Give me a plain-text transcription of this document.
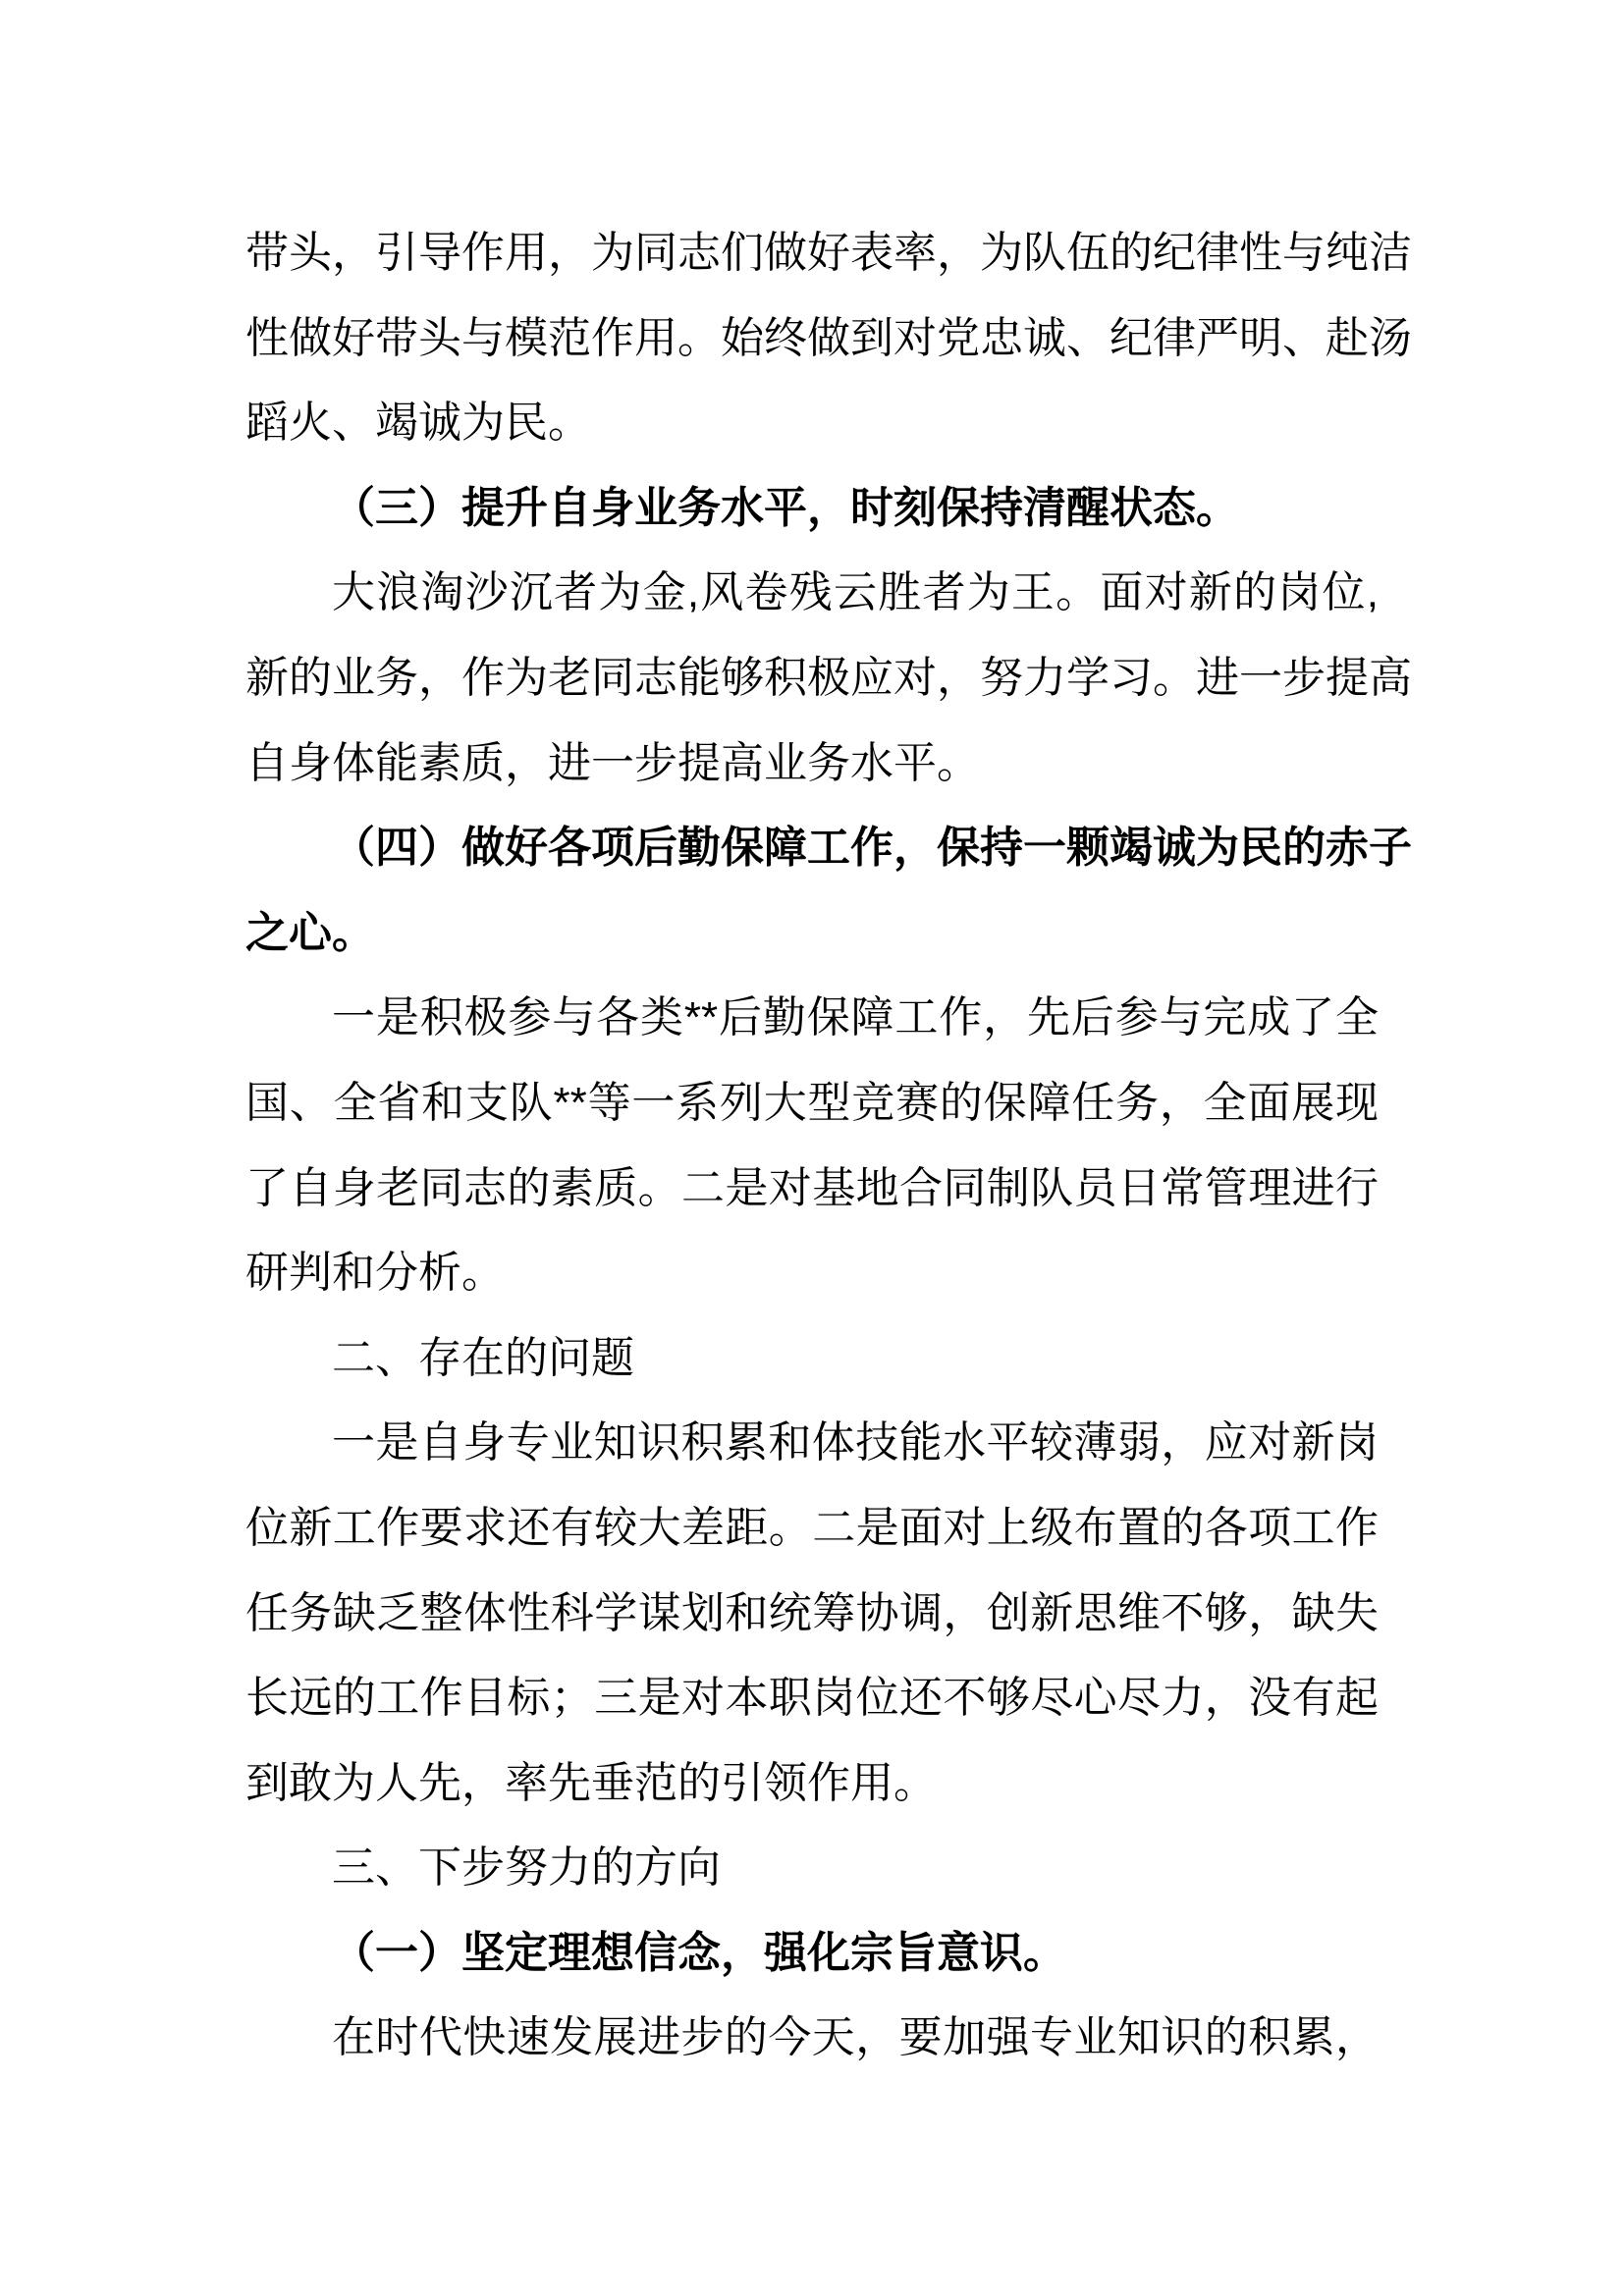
带头，引导作用，为同志们做好表率，为队伍的纪律性与纯洁
性做好带头与模范作用。始终做到对党忠诚、纪律严明、赴汤
蹈火、竭诚为民。
（三）提升自身业务水平，时刻保持清醒状态。
大浪淘沙沉者为金,风卷残云胜者为王。面对新的岗位,
新的业务，作为老同志能够积极应对，努力学习。进一步提高
自身体能素质，进一步提高业务水平。
（四）做好各项后勤保障工作，保持一颗竭诚为民的赤子
之心。
一是积极参与各类**后勤保障工作，先后参与完成了全
国、全省和支队**等一系列大型竞赛的保障任务，全面展现
了自身老同志的素质。二是对基地合同制队员日常管理进行
研判和分析。
二、存在的问题
一是自身专业知识积累和体技能水平较薄弱，应对新岗
位新工作要求还有较大差距。二是面对上级布置的各项工作
任务缺乏整体性科学谋划和统筹协调，创新思维不够，缺失
长远的工作目标；三是对本职岗位还不够尽心尽力，没有起
到敢为人先，率先垂范的引领作用。
三、下步努力的方向
（一）坚定理想信念，强化宗旨意识。
在时代快速发展进步的今天，要加强专业知识的积累，
